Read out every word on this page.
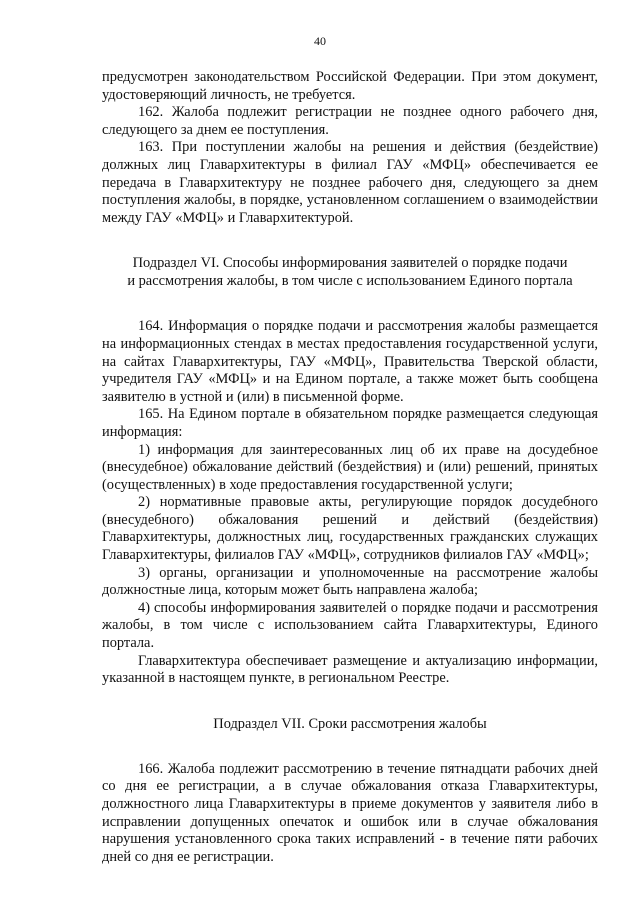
40

предусмотрен законодательством Российской Федерации. При этом документ, удостоверяющий личность, не требуется.

162. Жалоба подлежит регистрации не позднее одного рабочего дня, следующего за днем ее поступления.

163. При поступлении жалобы на решения и действия (бездействие) должных лиц Главархитектуры в филиал ГАУ «МФЦ» обеспечивается ее передача в Главархитектуру не позднее рабочего дня, следующего за днем поступления жалобы, в порядке, установленном соглашением о взаимодействии между ГАУ «МФЦ» и Главархитектурой.

Подраздел VI. Способы информирования заявителей о порядке подачи
и рассмотрения жалобы, в том числе с использованием Единого портала

164. Информация о порядке подачи и рассмотрения жалобы размещается на информационных стендах в местах предоставления государственной услуги, на сайтах Главархитектуры, ГАУ «МФЦ», Правительства Тверской области, учредителя ГАУ «МФЦ» и на Едином портале, а также может быть сообщена заявителю в устной и (или) в письменной форме.

165. На Едином портале в обязательном порядке размещается следующая информация:

1) информация для заинтересованных лиц об их праве на досудебное (внесудебное) обжалование действий (бездействия) и (или) решений, принятых (осуществленных) в ходе предоставления государственной услуги;

2) нормативные правовые акты, регулирующие порядок досудебного (внесудебного) обжалования решений и действий (бездействия) Главархитектуры, должностных лиц, государственных гражданских служащих Главархитектуры, филиалов ГАУ «МФЦ», сотрудников филиалов ГАУ «МФЦ»;

3) органы, организации и уполномоченные на рассмотрение жалобы должностные лица, которым может быть направлена жалоба;

4) способы информирования заявителей о порядке подачи и рассмотрения жалобы, в том числе с использованием сайта Главархитектуры, Единого портала.

Главархитектура обеспечивает размещение и актуализацию информации, указанной в настоящем пункте, в региональном Реестре.

Подраздел VII. Сроки рассмотрения жалобы

166. Жалоба подлежит рассмотрению в течение пятнадцати рабочих дней со дня ее регистрации, а в случае обжалования отказа Главархитектуры, должностного лица Главархитектуры в приеме документов у заявителя либо в исправлении допущенных опечаток и ошибок или в случае обжалования нарушения установленного срока таких исправлений - в течение пяти рабочих дней со дня ее регистрации.
